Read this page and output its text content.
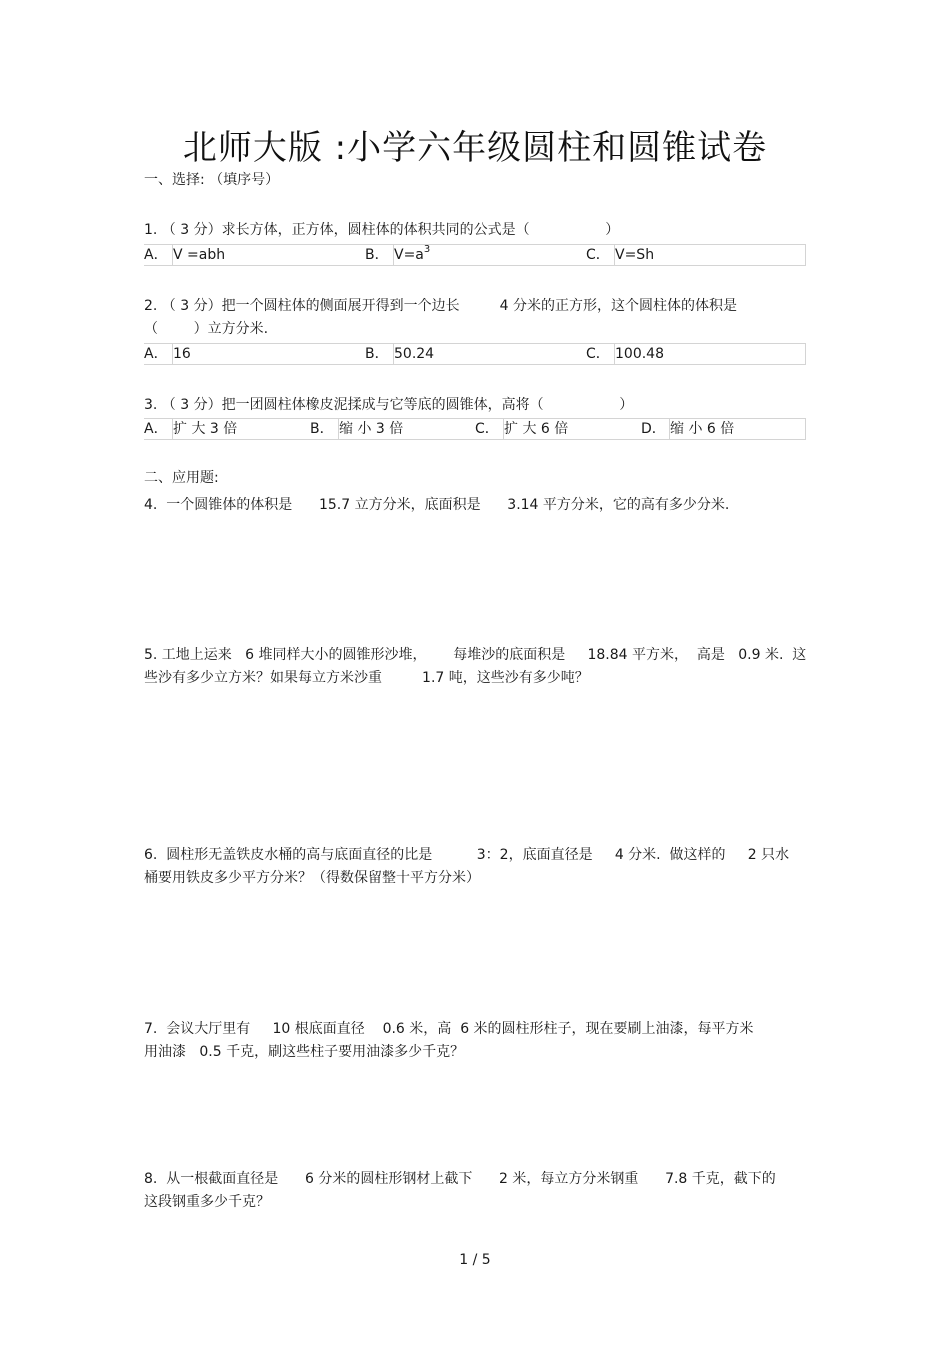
北师大版 :小学六年级圆柱和圆锥试卷
一、选择: （填序号）
1. （ 3 分）求长方体，正方体，圆柱体的体积共同的公式是（                 ）
A． V =abh	B． $V=a^3$	C． V=Sh
2. （ 3 分）把一个圆柱体的侧面展开得到一个边长         4 分米的正方形，这个圆柱体的体积是
（        ）立方分米.
A． 16	B． 50.24	C． 100.48
3. （ 3 分）把一团圆柱体橡皮泥揉成与它等底的圆锥体，高将（                 ）
A． 扩 大 3 倍	B． 缩 小 3 倍	C． 扩 大 6 倍	D． 缩 小 6 倍
二、应用题:
4.  一个圆锥体的体积是      15.7 立方分米，底面积是      3.14 平方分米，它的高有多少分米.
5. 工地上运来   6 堆同样大小的圆锥形沙堆，      每堆沙的底面积是     18.84 平方米，  高是   0.9 米.  这
些沙有多少立方米？如果每立方米沙重         1.7 吨，这些沙有多少吨？
6.  圆柱形无盖铁皮水桶的高与底面直径的比是          3：2，底面直径是     4 分米.  做这样的     2 只水
桶要用铁皮多少平方分米？（得数保留整十平方分米）
7.  会议大厅里有     10 根底面直径    0.6 米，高  6 米的圆柱形柱子，现在要刷上油漆，每平方米
用油漆   0.5 千克，刷这些柱子要用油漆多少千克？
8.  从一根截面直径是      6 分米的圆柱形钢材上截下      2 米，每立方分米钢重      7.8 千克，截下的
这段钢重多少千克？
1 / 5
